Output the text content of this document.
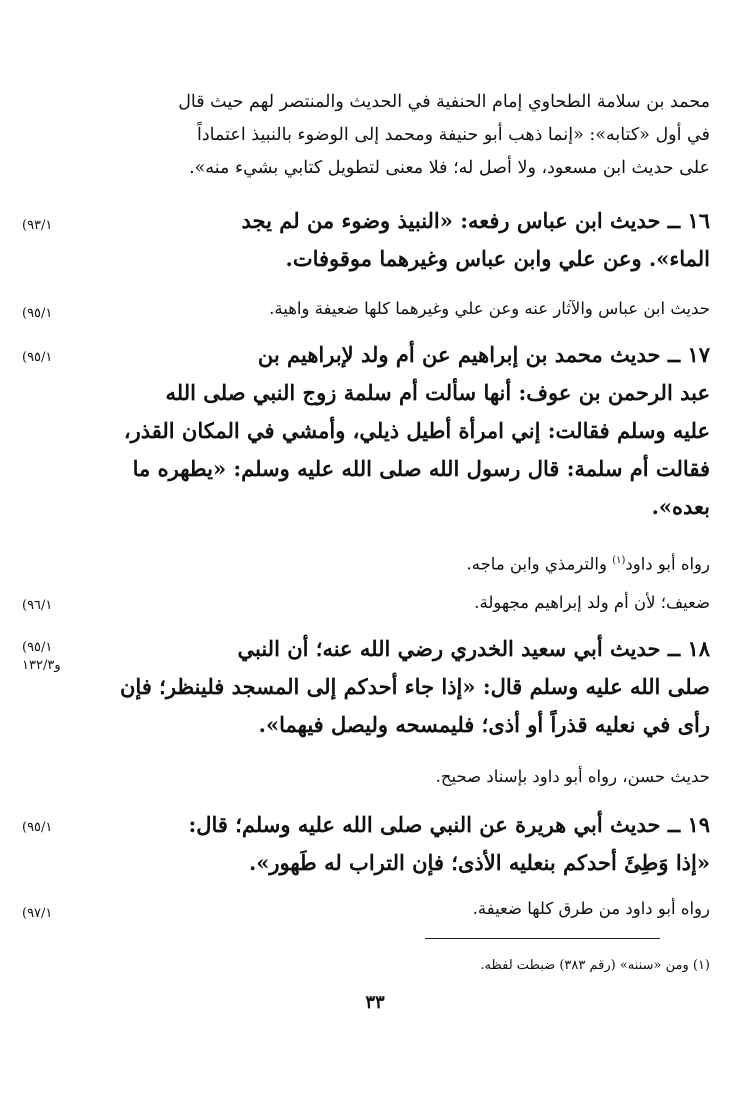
محمد بن سلامة الطحاوي إمام الحنفية في الحديث والمنتصر لهم حيث قال
في أول «كتابه»: «إنما ذهب أبو حنيفة ومحمد إلى الوضوء بالنبيذ اعتماداً
على حديث ابن مسعود، ولا أصل له؛ فلا معنى لتطويل كتابي بشيء منه».
(٩٣/١	١٦ ــ حديث ابن عباس رفعه: «النبيذ وضوء من لم يجد
الماء». وعن علي وابن عباس وغيرهما موقوفات.
(٩٥/١	حديث ابن عباس والآثار عنه وعن علي وغيرهما كلها ضعيفة واهية.
(٩٥/١	١٧ ــ حديث محمد بن إبراهيم عن أم ولد لإبراهيم بن
عبد الرحمن بن عوف: أنها سألت أم سلمة زوج النبي صلى الله
عليه وسلم فقالت: إني امرأة أطيل ذيلي، وأمشي في المكان القذر،
فقالت أم سلمة: قال رسول الله صلى الله عليه وسلم: «يطهره ما
بعده».
رواه أبو داود$^{(١)}$ والترمذي وابن ماجه.
(٩٦/١	ضعيف؛ لأن أم ولد إبراهيم مجهولة.
(٩٥/١
و١٣٢/٣
١٨ ــ حديث أبي سعيد الخدري رضي الله عنه؛ أن النبي
صلى الله عليه وسلم قال: «إذا جاء أحدكم إلى المسجد فلينظر؛ فإن
رأى في نعليه قذراً أو أذى؛ فليمسحه وليصل فيهما».
حديث حسن، رواه أبو داود بإسناد صحيح.
(٩٥/١	١٩ ــ حديث أبي هريرة عن النبي صلى الله عليه وسلم؛ قال:
«إذا وَطِئَ أحدكم بنعليه الأذى؛ فإن التراب له طَهور».
(٩٧/١	رواه أبو داود من طرق كلها ضعيفة.
(١) ومن «سننه» (رقم ٣٨٣) ضبطت لفظه.
٣٣
